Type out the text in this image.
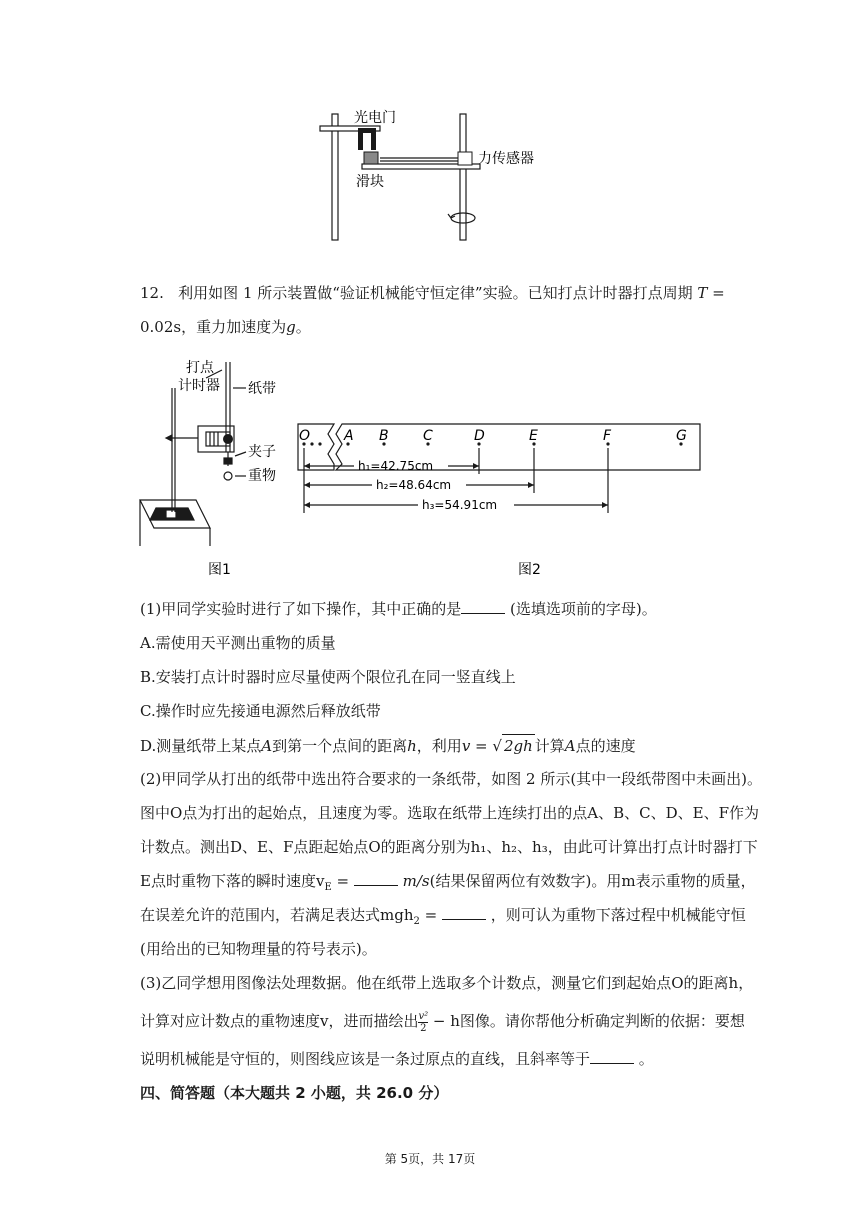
光电门
力传感器
滑块
12. 利用如图 1 所示装置做“验证机械能守恒定律”实验。已知打点计时器打点周期 T =
0.02s，重力加速度为g。
打点
计时器 纸带
夹子
重物
图1
O A B C	D	E	F	G
h₁=42.75cm
h₂=48.64cm
h₃=54.91cm
图2
(1)甲同学实验时进行了如下操作，其中正确的是	(选填选项前的字母)。
A.需使用天平测出重物的质量
B.安装打点计时器时应尽量使两个限位孔在同一竖直线上
C.操作时应先接通电源然后释放纸带
D.测量纸带上某点A到第一个点间的距离h，利用v = √ 2gh 计算A点的速度
(2)甲同学从打出的纸带中选出符合要求的一条纸带，如图 2 所示(其中一段纸带图中未画出)。
图中O点为打出的起始点，且速度为零。选取在纸带上连续打出的点A、B、C、D、E、F作为
计数点。测出D、E、F点距起始点O的距离分别为h₁、h₂、h₃，由此可计算出打点计时器打下
E点时重物下落的瞬时速度$v_E$ =	m/s(结果保留两位有效数字)。用m表示重物的质量，
在误差允许的范围内，若满足表达式mgh$_2$ =	，则可认为重物下落过程中机械能守恒
(用给出的已知物理量的符号表示)。
(3)乙同学想用图像法处理数据。他在纸带上选取多个计数点，测量它们到起始点O的距离h，
计算对应计数点的重物速度v，进而描绘出 $\frac{\text{v²}}{2} - h$图像。请你帮他分析确定判断的依据：要想
说明机械能是守恒的，则图线应该是一条过原点的直线，且斜率等于	。
四、简答题（本大题共 2 小题，共 26.0 分）
第 5页，共 17页
